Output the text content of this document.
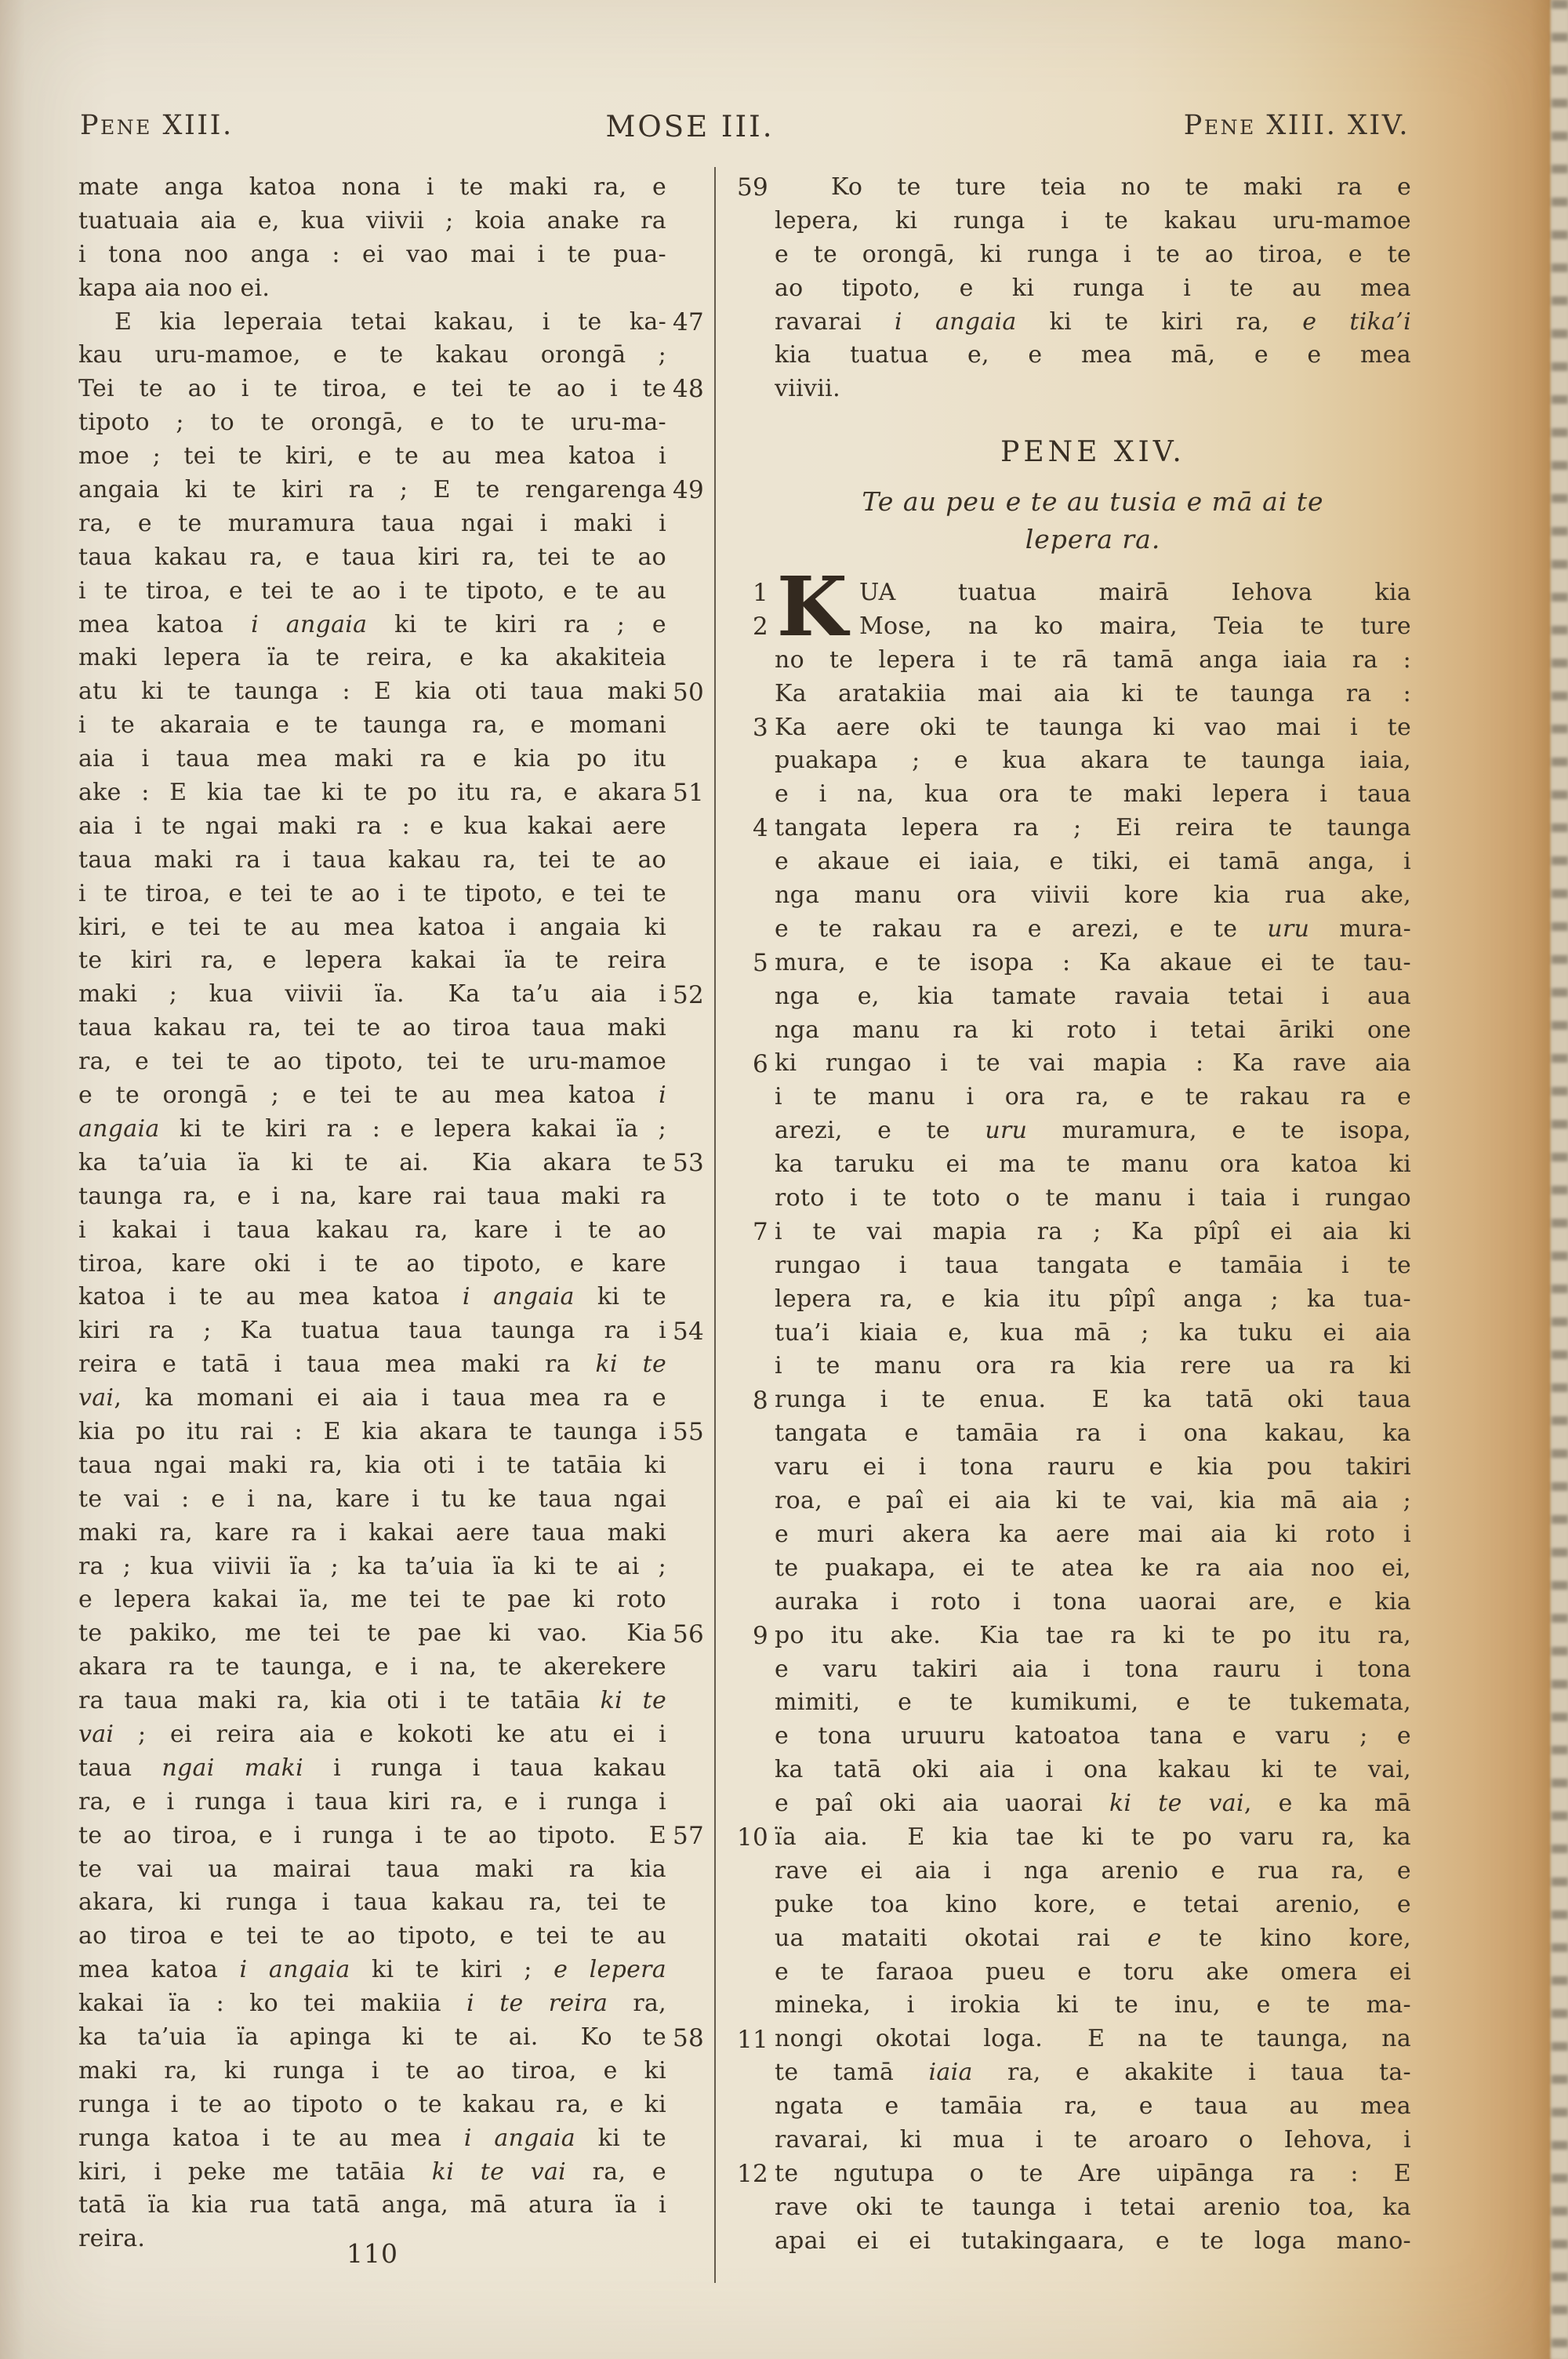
Pene XIII.	MOSE III.	Pene XIII. XIV.
mate anga katoa nona i te maki ra, e
tuatuaia aia e, kua viivii ; koia anake ra
i tona noo anga : ei vao mai i te pua-
kapa aia noo ei.
E kia leperaia tetai kakau, i te ka-
kau uru-mamoe, e te kakau orongā ;
Tei te ao i te tiroa, e tei te ao i te
tipoto ; to te orongā, e to te uru-ma-
moe ; tei te kiri, e te au mea katoa i
angaia ki te kiri ra ; E te rengarenga
ra, e te muramura taua ngai i maki i
taua kakau ra, e taua kiri ra, tei te ao
i te tiroa, e tei te ao i te tipoto, e te au
mea katoa i angaia ki te kiri ra ; e
maki lepera ïa te reira, e ka akakiteia
atu ki te taunga : E kia oti taua maki
i te akaraia e te taunga ra, e momani
aia i taua mea maki ra e kia po itu
ake : E kia tae ki te po itu ra, e akara
aia i te ngai maki ra : e kua kakai aere
taua maki ra i taua kakau ra, tei te ao
i te tiroa, e tei te ao i te tipoto, e tei te
kiri, e tei te au mea katoa i angaia ki
te kiri ra, e lepera kakai ïa te reira
maki ; kua viivii ïa.  Ka ta’u aia i
taua kakau ra, tei te ao tiroa taua maki
ra, e tei te ao tipoto, tei te uru-mamoe
e te orongā ; e tei te au mea katoa i
angaia ki te kiri ra : e lepera kakai ïa ;
ka ta’uia ïa ki te ai.  Kia akara te
taunga ra, e i na, kare rai taua maki ra
i kakai i taua kakau ra, kare i te ao
tiroa, kare oki i te ao tipoto, e kare
katoa i te au mea katoa i angaia ki te
kiri ra ; Ka tuatua taua taunga ra i
reira e tatā i taua mea maki ra ki te
vai, ka momani ei aia i taua mea ra e
kia po itu rai : E kia akara te taunga i
taua ngai maki ra, kia oti i te tatāia ki
te vai : e i na, kare i tu ke taua ngai
maki ra, kare ra i kakai aere taua maki
ra ; kua viivii ïa ; ka ta’uia ïa ki te ai ;
e lepera kakai ïa, me tei te pae ki roto
te pakiko, me tei te pae ki vao.  Kia
akara ra te taunga, e i na, te akerekere
ra taua maki ra, kia oti i te tatāia ki te
vai ; ei reira aia e kokoti ke atu ei i
taua ngai maki i runga i taua kakau
ra, e i runga i taua kiri ra, e i runga i
te ao tiroa, e i runga i te ao tipoto.  E
te vai ua mairai taua maki ra kia
akara, ki runga i taua kakau ra, tei te
ao tiroa e tei te ao tipoto, e tei te au
mea katoa i angaia ki te kiri ; e lepera
kakai ïa : ko tei makiia i te reira ra,
ka ta’uia ïa apinga ki te ai.  Ko te
maki ra, ki runga i te ao tiroa, e ki
runga i te ao tipoto o te kakau ra, e ki
runga katoa i te au mea i angaia ki te
kiri, i peke me tatāia ki te vai ra, e
tatā ïa kia rua tatā anga, mā atura ïa i
reira.
47
48
49
50
51
52
53
54
55
56
57
58
Ko te ture teia no te maki ra e
lepera, ki runga i te kakau uru-mamoe
e te orongā, ki runga i te ao tiroa, e te
ao tipoto, e ki runga i te au mea
ravarai i angaia ki te kiri ra, e tika’i
kia tuatua e, e mea mā, e e mea
viivii.
59
PENE XIV.
Te au peu e te au tusia e mā ai te
lepera ra.
K UA tuatua mairā Iehova kia
Mose, na ko maira, Teia te ture
no te lepera i te rā tamā anga iaia ra :
Ka aratakiia mai aia ki te taunga ra :
Ka aere oki te taunga ki vao mai i te
puakapa ; e kua akara te taunga iaia,
e i na, kua ora te maki lepera i taua
tangata lepera ra ; Ei reira te taunga
e akaue ei iaia, e tiki, ei tamā anga, i
nga manu ora viivii kore kia rua ake,
e te rakau ra e arezi, e te uru mura-
mura, e te isopa : Ka akaue ei te tau-
nga e, kia tamate ravaia tetai i aua
nga manu ra ki roto i tetai āriki one
ki rungao i te vai mapia : Ka rave aia
i te manu i ora ra, e te rakau ra e
arezi, e te uru muramura, e te isopa,
ka taruku ei ma te manu ora katoa ki
roto i te toto o te manu i taia i rungao
i te vai mapia ra ; Ka pîpî ei aia ki
rungao i taua tangata e tamāia i te
lepera ra, e kia itu pîpî anga ; ka tua-
tua’i kiaia e, kua mā ; ka tuku ei aia
i te manu ora ra kia rere ua ra ki
runga i te enua.  E ka tatā oki taua
tangata e tamāia ra i ona kakau, ka
varu ei i tona rauru e kia pou takiri
roa, e paî ei aia ki te vai, kia mā aia ;
e muri akera ka aere mai aia ki roto i
te puakapa, ei te atea ke ra aia noo ei,
auraka i roto i tona uaorai are, e kia
po itu ake.  Kia tae ra ki te po itu ra,
e varu takiri aia i tona rauru i tona
mimiti, e te kumikumi, e te tukemata,
e tona uruuru katoatoa tana e varu ; e
ka tatā oki aia i ona kakau ki te vai,
e paî oki aia uaorai ki te vai, e ka mā
ïa aia.  E kia tae ki te po varu ra, ka
rave ei aia i nga arenio e rua ra, e
puke toa kino kore, e tetai arenio, e
ua mataiti okotai rai e te kino kore,
e te faraoa pueu e toru ake omera ei
mineka, i irokia ki te inu, e te ma-
nongi okotai loga.  E na te taunga, na
te tamā iaia ra, e akakite i taua ta-
ngata e tamāia ra, e taua au mea
ravarai, ki mua i te aroaro o Iehova, i
te ngutupa o te Are uipānga ra : E
rave oki te taunga i tetai arenio toa, ka
apai ei ei tutakingaara, e te loga mano-
1
2
3
4
5
6
7
8
9
10
11
12
110
